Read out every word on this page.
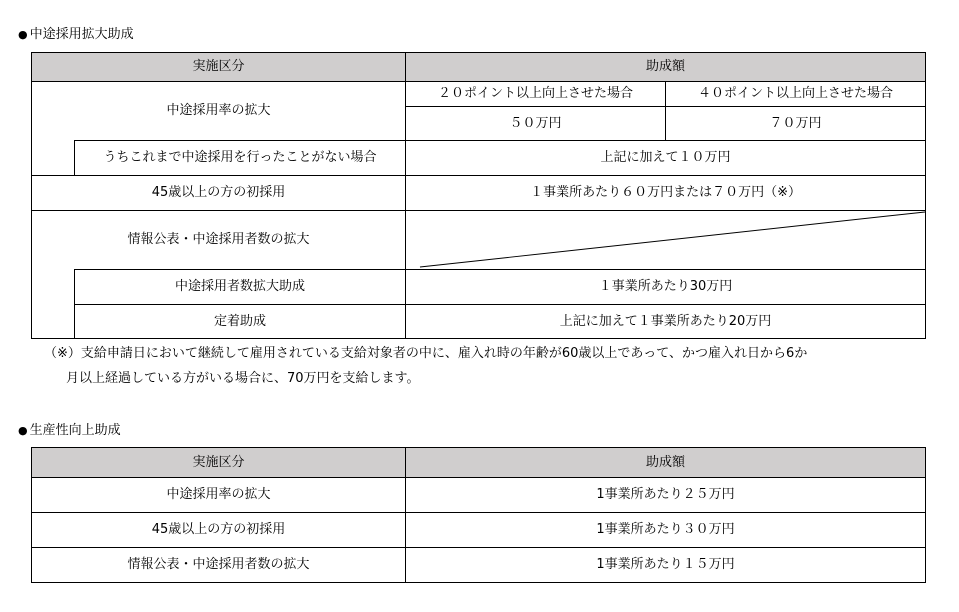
● 中途採用拡大助成
実施区分		助成額	
中途採用率の拡大		２０ポイント以上向上させた場合	４０ポイント以上向上させた場合
		５０万円	７０万円
	うちこれまで中途採用を行ったことがない場合	上記に加えて１０万円	
45歳以上の方の初採用		１事業所あたり６０万円または７０万円（※）	
情報公表・中途採用者数の拡大	

	中途採用者数拡大助成	１事業所あたり30万円	
	定着助成	上記に加えて１事業所あたり20万円	
（※）支給申請日において継続して雇用されている支給対象者の中に、雇入れ時の年齢が60歳以上であって、かつ雇入れ日から6か
月以上経過している方がいる場合に、70万円を支給します。
● 生産性向上助成
実施区分	助成額
中途採用率の拡大	1事業所あたり２５万円
45歳以上の方の初採用	1事業所あたり３０万円
情報公表・中途採用者数の拡大	1事業所あたり１５万円
